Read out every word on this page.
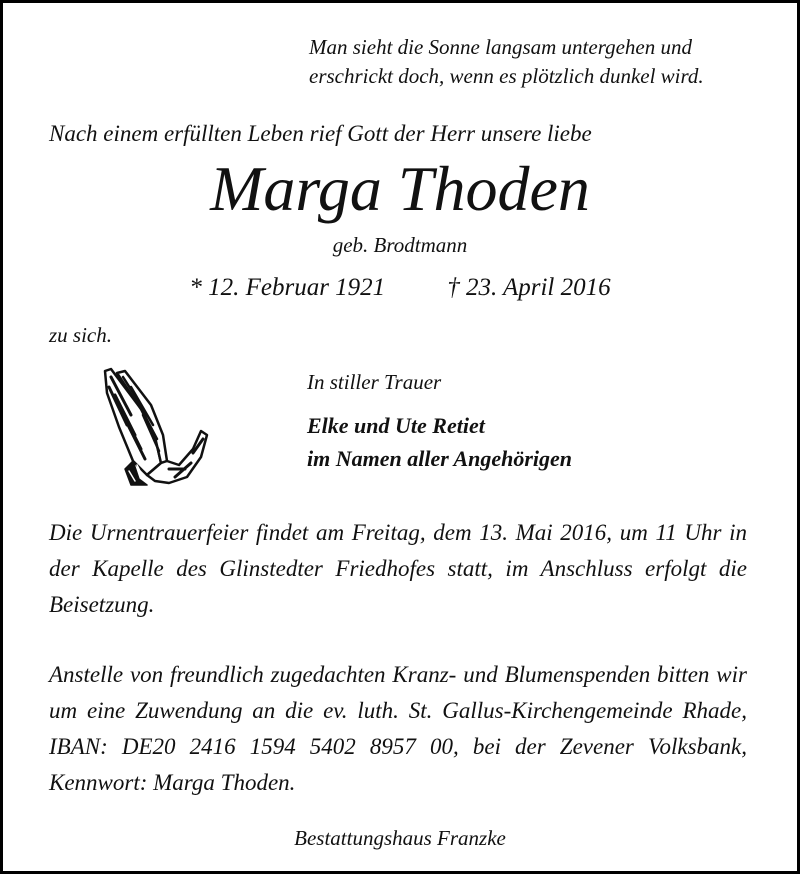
Man sieht die Sonne langsam untergehen und
erschrickt doch, wenn es plötzlich dunkel wird.

Nach einem erfüllten Leben rief Gott der Herr unsere liebe

Marga Thoden

geb. Brodtmann

* 12. Februar 1921 † 23. April 2016

zu sich.

In stiller Trauer

Elke und Ute Retiet
im Namen aller Angehörigen

Die Urnentrauerfeier findet am Freitag, dem 13. Mai 2016, um 11 Uhr in der Kapelle des Glinstedter Friedhofes statt, im Anschluss erfolgt die Beisetzung.

Anstelle von freundlich zugedachten Kranz- und Blumenspenden bitten wir um eine Zuwendung an die ev. luth. St. Gallus-Kirchengemeinde Rhade, IBAN: DE20 2416 1594 5402 8957 00, bei der Zevener Volksbank, Kennwort: Marga Thoden.

Bestattungshaus Franzke
